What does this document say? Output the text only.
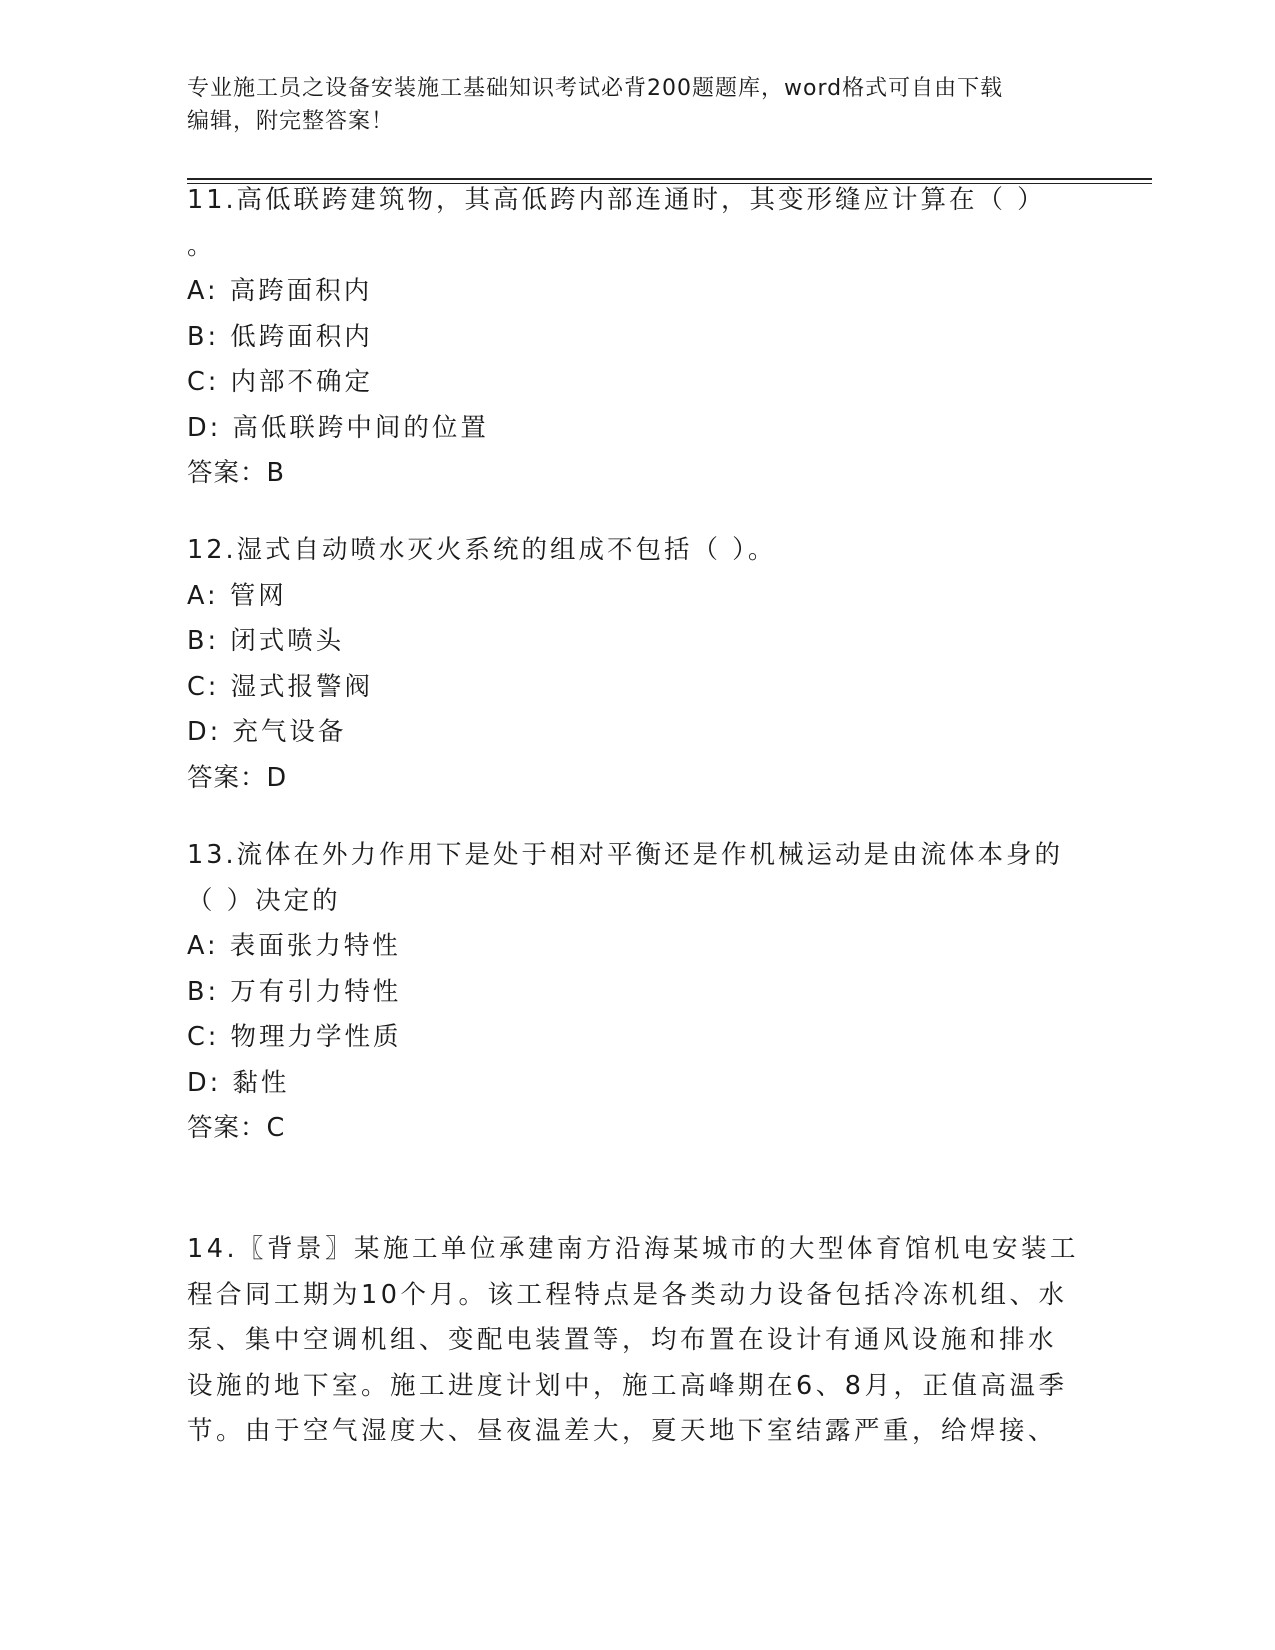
专业施工员之设备安装施工基础知识考试必背200题题库，word格式可自由下载
编辑，附完整答案！
11.高低联跨建筑物，其高低跨内部连通时，其变形缝应计算在（ ）
。
A: 高跨面积内
B: 低跨面积内
C: 内部不确定
D: 高低联跨中间的位置
答案：B
12.湿式自动喷水灭火系统的组成不包括（ ）。
A: 管网
B: 闭式喷头
C: 湿式报警阀
D: 充气设备
答案：D
13.流体在外力作用下是处于相对平衡还是作机械运动是由流体本身的
（ ）决定的
A: 表面张力特性
B: 万有引力特性
C: 物理力学性质
D: 黏性
答案：C
14.〖背景〗某施工单位承建南方沿海某城市的大型体育馆机电安装工
程合同工期为10个月。该工程特点是各类动力设备包括冷冻机组、水
泵、集中空调机组、变配电装置等，均布置在设计有通风设施和排水
设施的地下室。施工进度计划中，施工高峰期在6、8月，正值高温季
节。由于空气湿度大、昼夜温差大，夏天地下室结露严重，给焊接、
